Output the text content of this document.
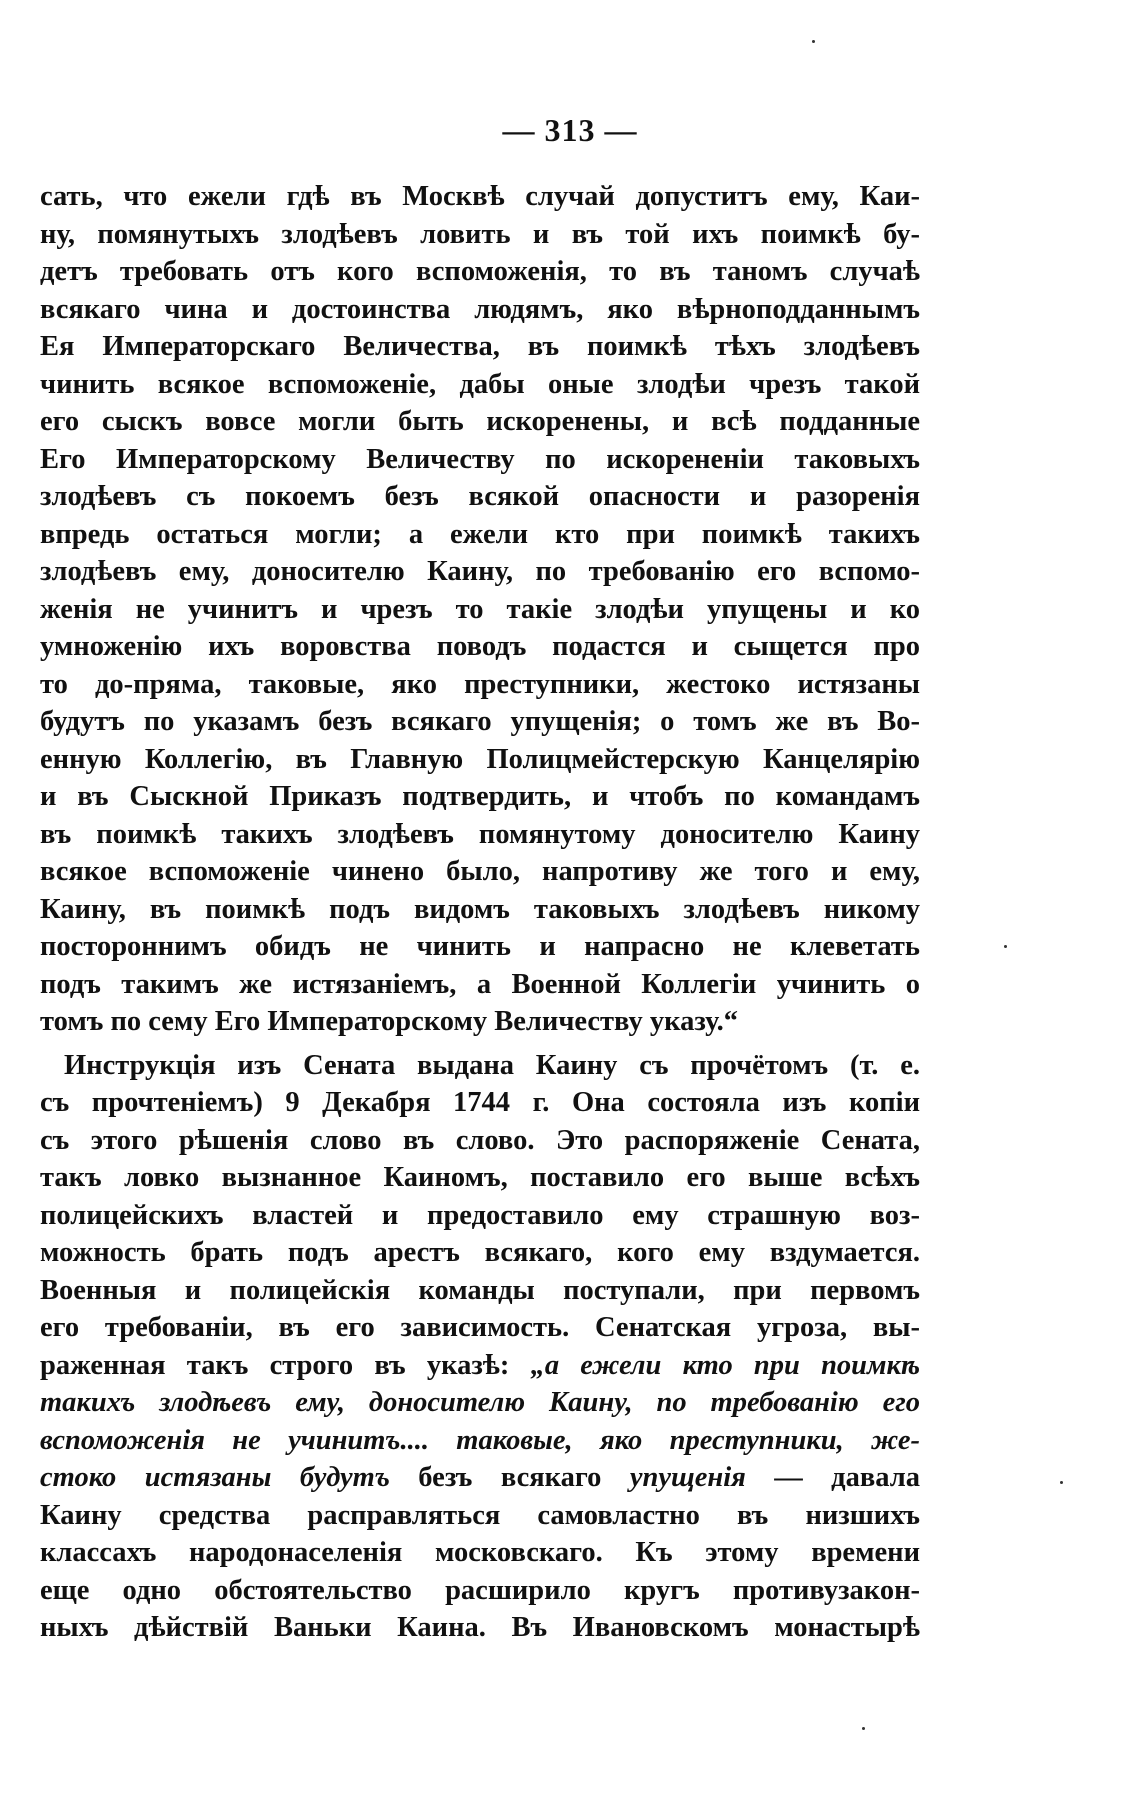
— 313 —
сать, что ежели гдѣ въ Москвѣ случай допуститъ ему, Каи-
ну, помянутыхъ злодѣевъ ловить и въ той ихъ поимкѣ бу-
детъ требовать отъ кого вспоможенія, то въ таномъ случаѣ
всякаго чина и достоинства людямъ, яко вѣрноподданнымъ
Ея Императорскаго Величества, въ поимкѣ тѣхъ злодѣевъ
чинить всякое вспоможеніе, дабы оные злодѣи чрезъ такой
его сыскъ вовсе могли быть искоренены, и всѣ подданные
Его Императорскому Величеству по искорененіи таковыхъ
злодѣевъ съ покоемъ безъ всякой опасности и разоренія
впредь остаться могли; а ежели кто при поимкѣ такихъ
злодѣевъ ему, доносителю Каину, по требованію его вспомо-
женія не учинитъ и чрезъ то такіе злодѣи упущены и ко
умноженію ихъ воровства поводъ подастся и сыщется про
то до-пряма, таковые, яко преступники, жестоко истязаны
будутъ по указамъ безъ всякаго упущенія; о томъ же въ Во-
енную Коллегію, въ Главную Полицмейстерскую Канцелярію
и въ Сыскной Приказъ подтвердить, и чтобъ по командамъ
въ поимкѣ такихъ злодѣевъ помянутому доносителю Каину
всякое вспоможеніе чинено было, напротиву же того и ему,
Каину, въ поимкѣ подъ видомъ таковыхъ злодѣевъ никому
постороннимъ обидъ не чинить и напрасно не клеветать
подъ такимъ же истязаніемъ, а Военной Коллегіи учинить о
томъ по сему Его Императорскому Величеству указу.“
Инструкція изъ Сената выдана Каину съ прочётомъ (т. е.
съ прочтеніемъ) 9 Декабря 1744 г. Она состояла изъ копіи
съ этого рѣшенія слово въ слово. Это распоряженіе Сената,
такъ ловко вызнанное Каиномъ, поставило его выше всѣхъ
полицейскихъ властей и предоставило ему страшную воз-
можность брать подъ арестъ всякаго, кого ему вздумается.
Военныя и полицейскія команды поступали, при первомъ
его требованіи, въ его зависимость. Сенатская угроза, вы-
раженная такъ строго въ указѣ: „а ежели кто при поимкѣ
такихъ злодѣевъ ему, доносителю Каину, по требованію его
вспоможенія не учинитъ.... таковые, яко преступники, же-
стоко истязаны будутъ безъ всякаго упущенія — давала
Каину средства расправляться самовластно въ низшихъ
классахъ народонаселенія московскаго. Къ этому времени
еще одно обстоятельство расширило кругъ противузакон-
ныхъ дѣйствій Ваньки Каина. Въ Ивановскомъ монастырѣ
